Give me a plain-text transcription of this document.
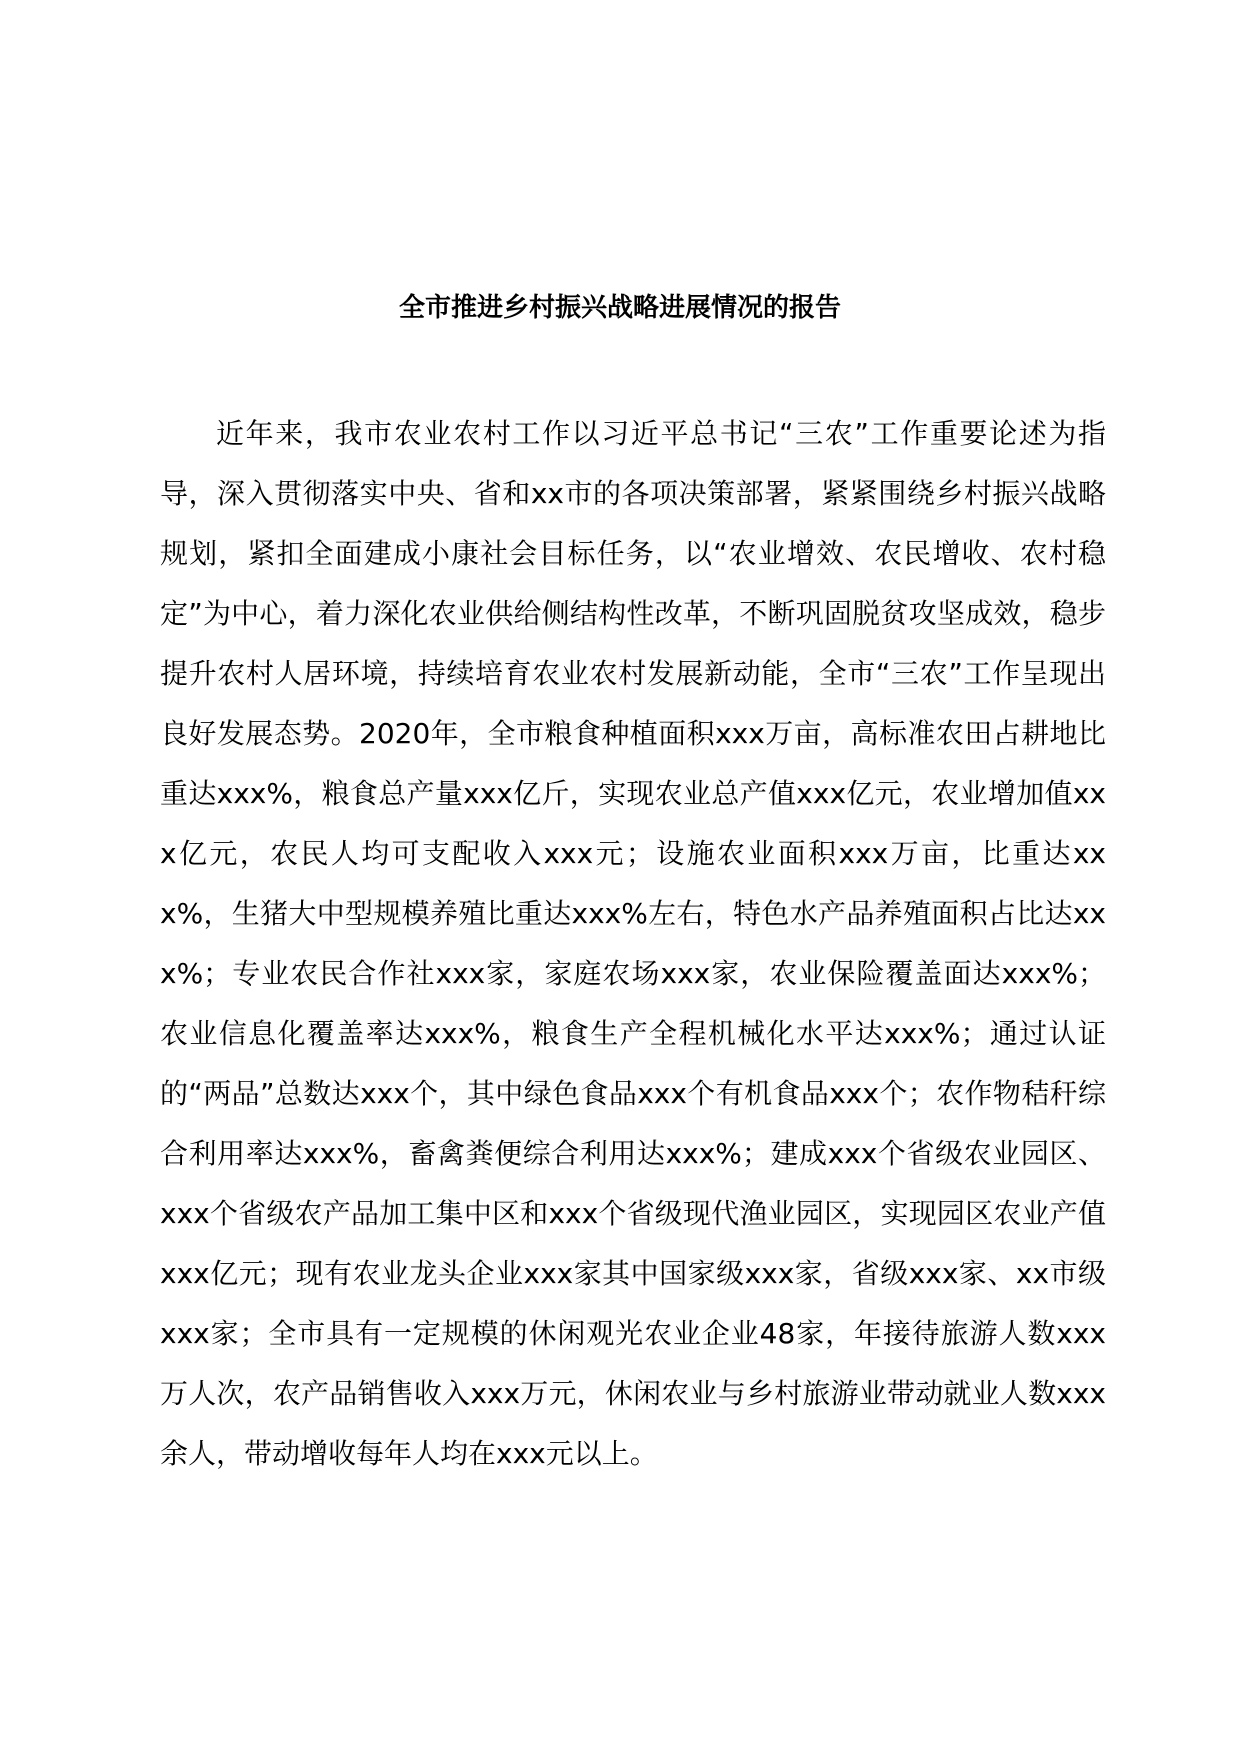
全市推进乡村振兴战略进展情况的报告

近年来，我市农业农村工作以习近平总书记“三农”工作重要论述为指导，深入贯彻落实中央、省和xx市的各项决策部署，紧紧围绕乡村振兴战略规划，紧扣全面建成小康社会目标任务，以“农业增效、农民增收、农村稳定”为中心，着力深化农业供给侧结构性改革，不断巩固脱贫攻坚成效，稳步提升农村人居环境，持续培育农业农村发展新动能，全市“三农”工作呈现出良好发展态势。2020年，全市粮食种植面积xxx万亩，高标准农田占耕地比重达xxx%，粮食总产量xxx亿斤，实现农业总产值xxx亿元，农业增加值xxx亿元，农民人均可支配收入xxx元；设施农业面积xxx万亩，比重达xxx%，生猪大中型规模养殖比重达xxx%左右，特色水产品养殖面积占比达xxx%；专业农民合作社xxx家，家庭农场xxx家，农业保险覆盖面达xxx%；农业信息化覆盖率达xxx%，粮食生产全程机械化水平达xxx%；通过认证的“两品”总数达xxx个，其中绿色食品xxx个有机食品xxx个；农作物秸秆综合利用率达xxx%，畜禽粪便综合利用达xxx%；建成xxx个省级农业园区、xxx个省级农产品加工集中区和xxx个省级现代渔业园区，实现园区农业产值xxx亿元；现有农业龙头企业xxx家其中国家级xxx家，省级xxx家、xx市级xxx家；全市具有一定规模的休闲观光农业企业48家，年接待旅游人数xxx万人次，农产品销售收入xxx万元，休闲农业与乡村旅游业带动就业人数xxx余人，带动增收每年人均在xxx元以上。
